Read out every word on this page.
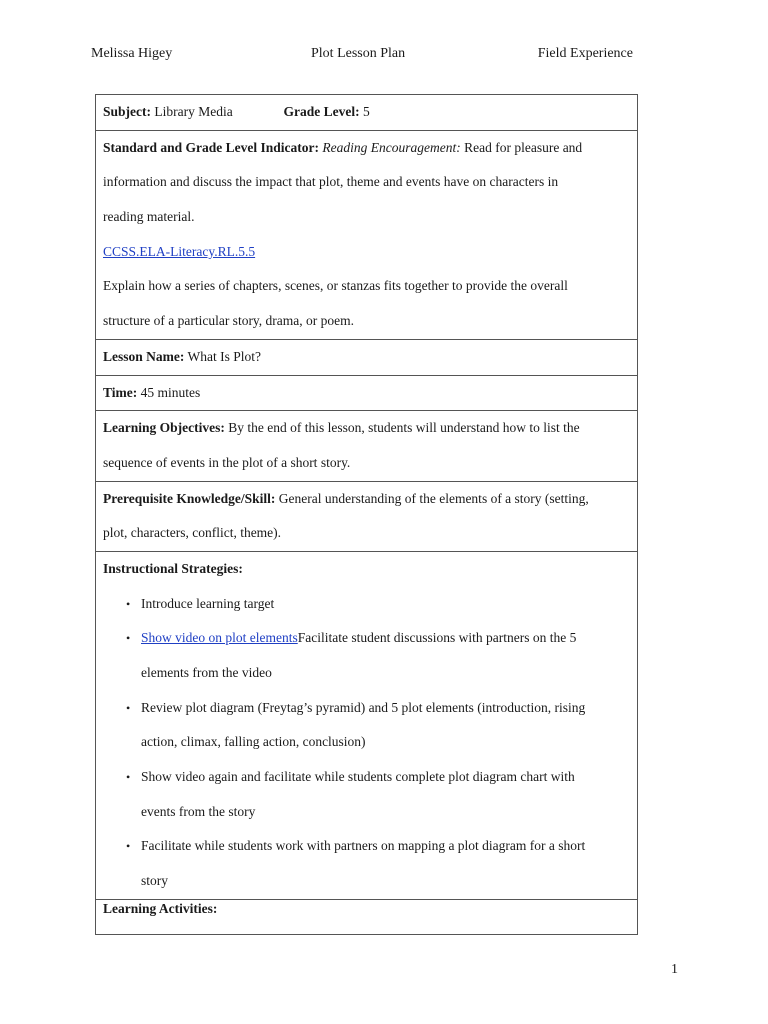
Melissa Higey	Plot Lesson Plan	Field Experience
Subject: Library Media	Grade Level: 5

Standard and Grade Level Indicator: Reading Encouragement: Read for pleasure and
information and discuss the impact that plot, theme and events have on characters in
reading material.
CCSS.ELA-Literacy.RL.5.5
Explain how a series of chapters, scenes, or stanzas fits together to provide the overall
structure of a particular story, drama, or poem.

Lesson Name: What Is Plot?

Time: 45 minutes

Learning Objectives: By the end of this lesson, students will understand how to list the
sequence of events in the plot of a short story.

Prerequisite Knowledge/Skill: General understanding of the elements of a story (setting,
plot, characters, conflict, theme).

Instructional Strategies:
• Introduce learning target
• Show video on plot elementsFacilitate student discussions with partners on the 5
elements from the video
• Review plot diagram (Freytag’s pyramid) and 5 plot elements (introduction, rising
action, climax, falling action, conclusion)
• Show video again and facilitate while students complete plot diagram chart with
events from the story
• Facilitate while students work with partners on mapping a plot diagram for a short
story

Learning Activities:
1
